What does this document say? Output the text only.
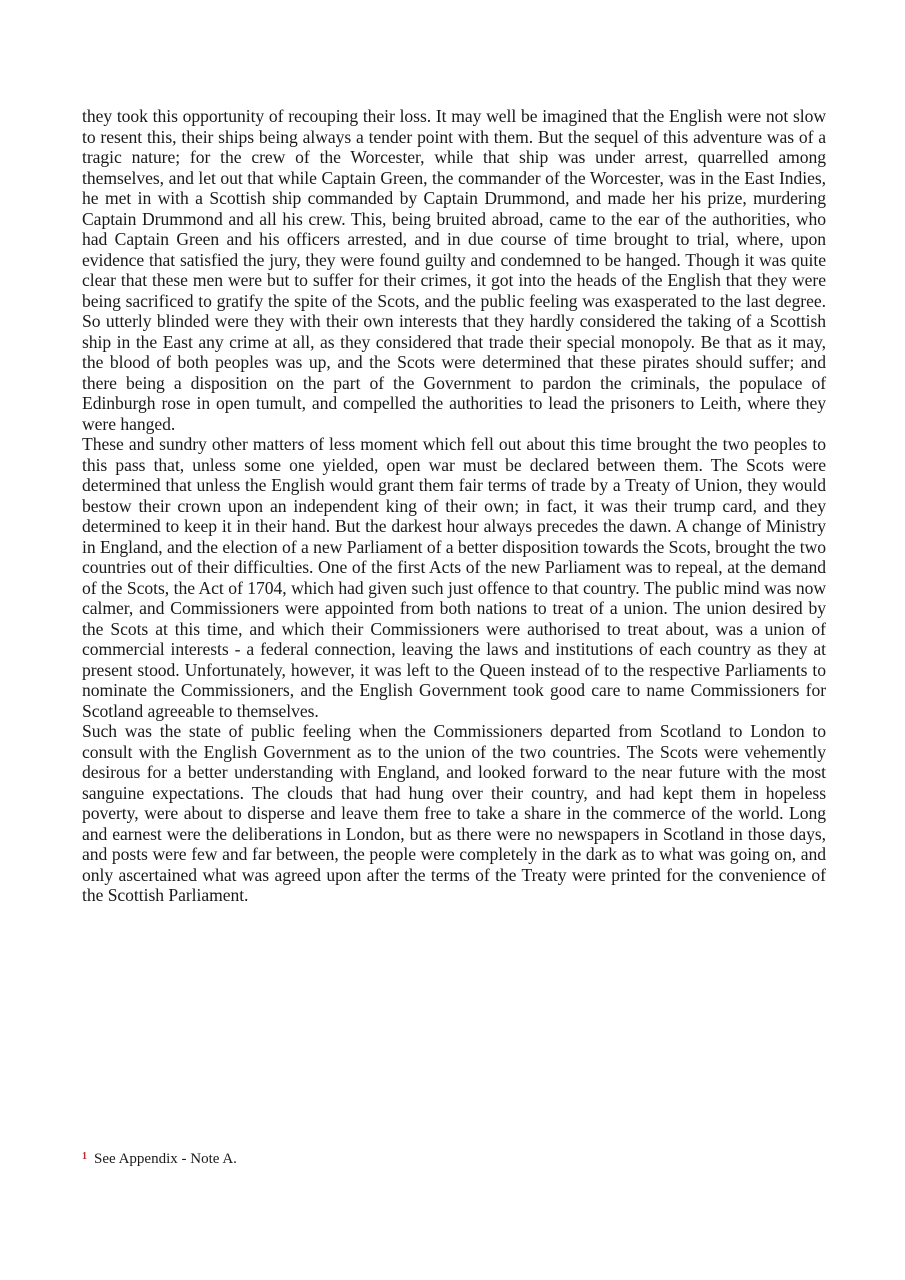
they took this opportunity of recouping their loss. It may well be imagined that the English were not slow to resent this, their ships being always a tender point with them. But the sequel of this adventure was of a tragic nature; for the crew of the Worcester, while that ship was under arrest, quarrelled among themselves, and let out that while Captain Green, the commander of the Worcester, was in the East Indies, he met in with a Scottish ship commanded by Captain Drummond, and made her his prize, murdering Captain Drummond and all his crew. This, being bruited abroad, came to the ear of the authorities, who had Captain Green and his officers arrested, and in due course of time brought to trial, where, upon evidence that satisfied the jury, they were found guilty and condemned to be hanged. Though it was quite clear that these men were but to suffer for their crimes, it got into the heads of the English that they were being sacrificed to gratify the spite of the Scots, and the public feeling was exasperated to the last degree. So utterly blinded were they with their own interests that they hardly considered the taking of a Scottish ship in the East any crime at all, as they considered that trade their special monopoly. Be that as it may, the blood of both peoples was up, and the Scots were determined that these pirates should suffer; and there being a disposition on the part of the Government to pardon the criminals, the populace of Edinburgh rose in open tumult, and compelled the authorities to lead the prisoners to Leith, where they were hanged.

These and sundry other matters of less moment which fell out about this time brought the two peoples to this pass that, unless some one yielded, open war must be declared between them. The Scots were determined that unless the English would grant them fair terms of trade by a Treaty of Union, they would bestow their crown upon an independent king of their own; in fact, it was their trump card, and they determined to keep it in their hand. But the darkest hour always precedes the dawn. A change of Ministry in England, and the election of a new Parliament of a better disposition towards the Scots, brought the two countries out of their difficulties. One of the first Acts of the new Parliament was to repeal, at the demand of the Scots, the Act of 1704, which had given such just offence to that country. The public mind was now calmer, and Commissioners were appointed from both nations to treat of a union. The union desired by the Scots at this time, and which their Commissioners were authorised to treat about, was a union of commercial interests - a federal connection, leaving the laws and institutions of each country as they at present stood. Unfortunately, however, it was left to the Queen instead of to the respective Parliaments to nominate the Commissioners, and the English Government took good care to name Commissioners for Scotland agreeable to themselves.

Such was the state of public feeling when the Commissioners departed from Scotland to London to consult with the English Government as to the union of the two countries. The Scots were vehemently desirous for a better understanding with England, and looked forward to the near future with the most sanguine expectations. The clouds that had hung over their country, and had kept them in hopeless poverty, were about to disperse and leave them free to take a share in the commerce of the world. Long and earnest were the deliberations in London, but as there were no newspapers in Scotland in those days, and posts were few and far between, the people were completely in the dark as to what was going on, and only ascertained what was agreed upon after the terms of the Treaty were printed for the convenience of the Scottish Parliament.

$^1$ See Appendix - Note A.
